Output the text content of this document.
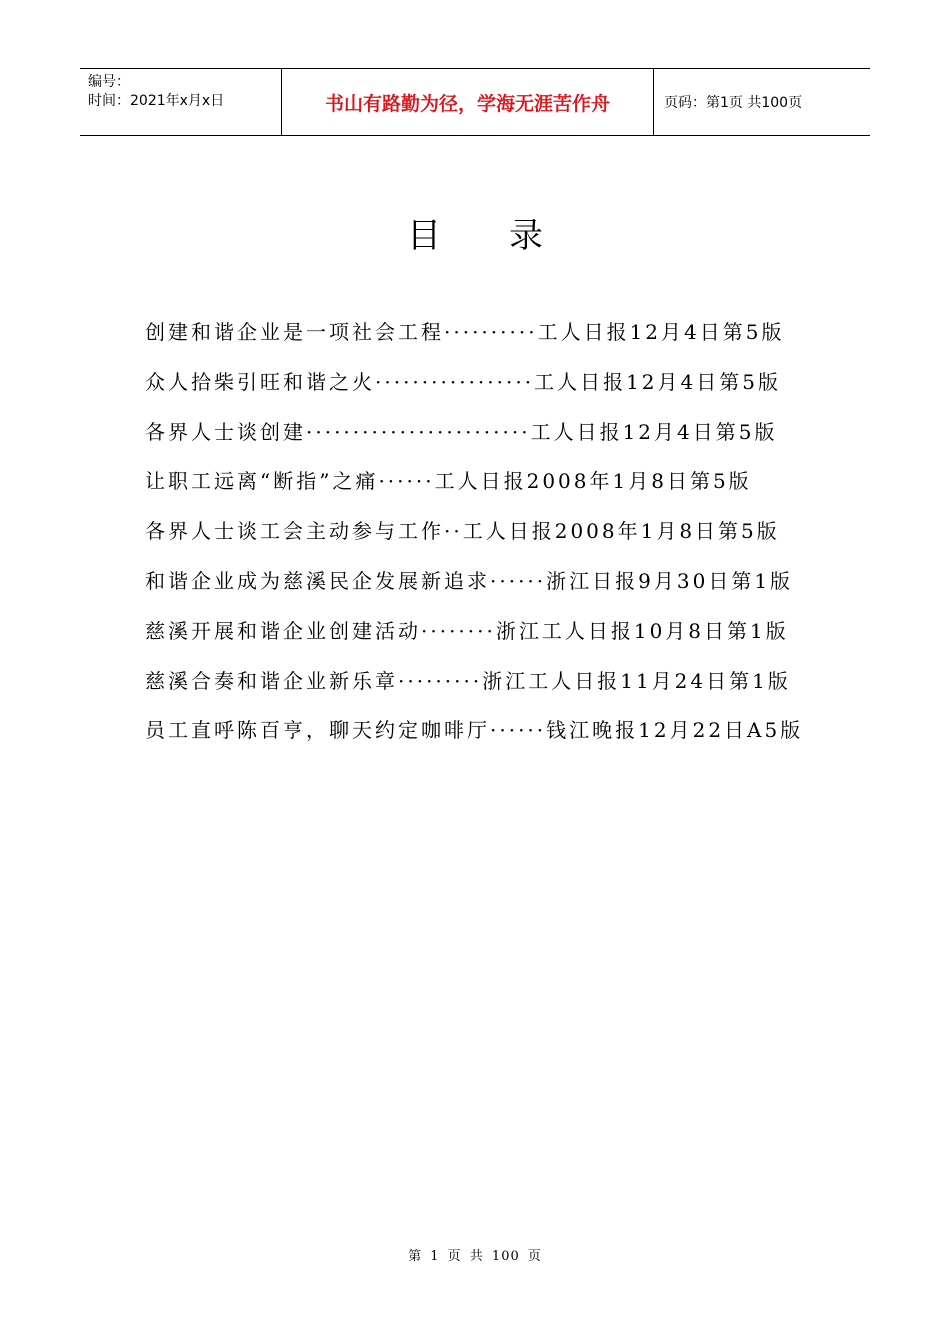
编号：
时间：2021年x月x日	书山有路勤为径，学海无涯苦作舟	页码：第1页 共100页
目录
创建和谐企业是一项社会工程··········工人日报12月4日第5版
众人拾柴引旺和谐之火·················工人日报12月4日第5版
各界人士谈创建························工人日报12月4日第5版
让职工远离“断指”之痛······工人日报2008年1月8日第5版
各界人士谈工会主动参与工作··工人日报2008年1月8日第5版
和谐企业成为慈溪民企发展新追求······浙江日报9月30日第1版
慈溪开展和谐企业创建活动········浙江工人日报10月8日第1版
慈溪合奏和谐企业新乐章·········浙江工人日报11月24日第1版
员工直呼陈百亨，聊天约定咖啡厅······钱江晚报12月22日A5版
第 1 页 共 100 页
